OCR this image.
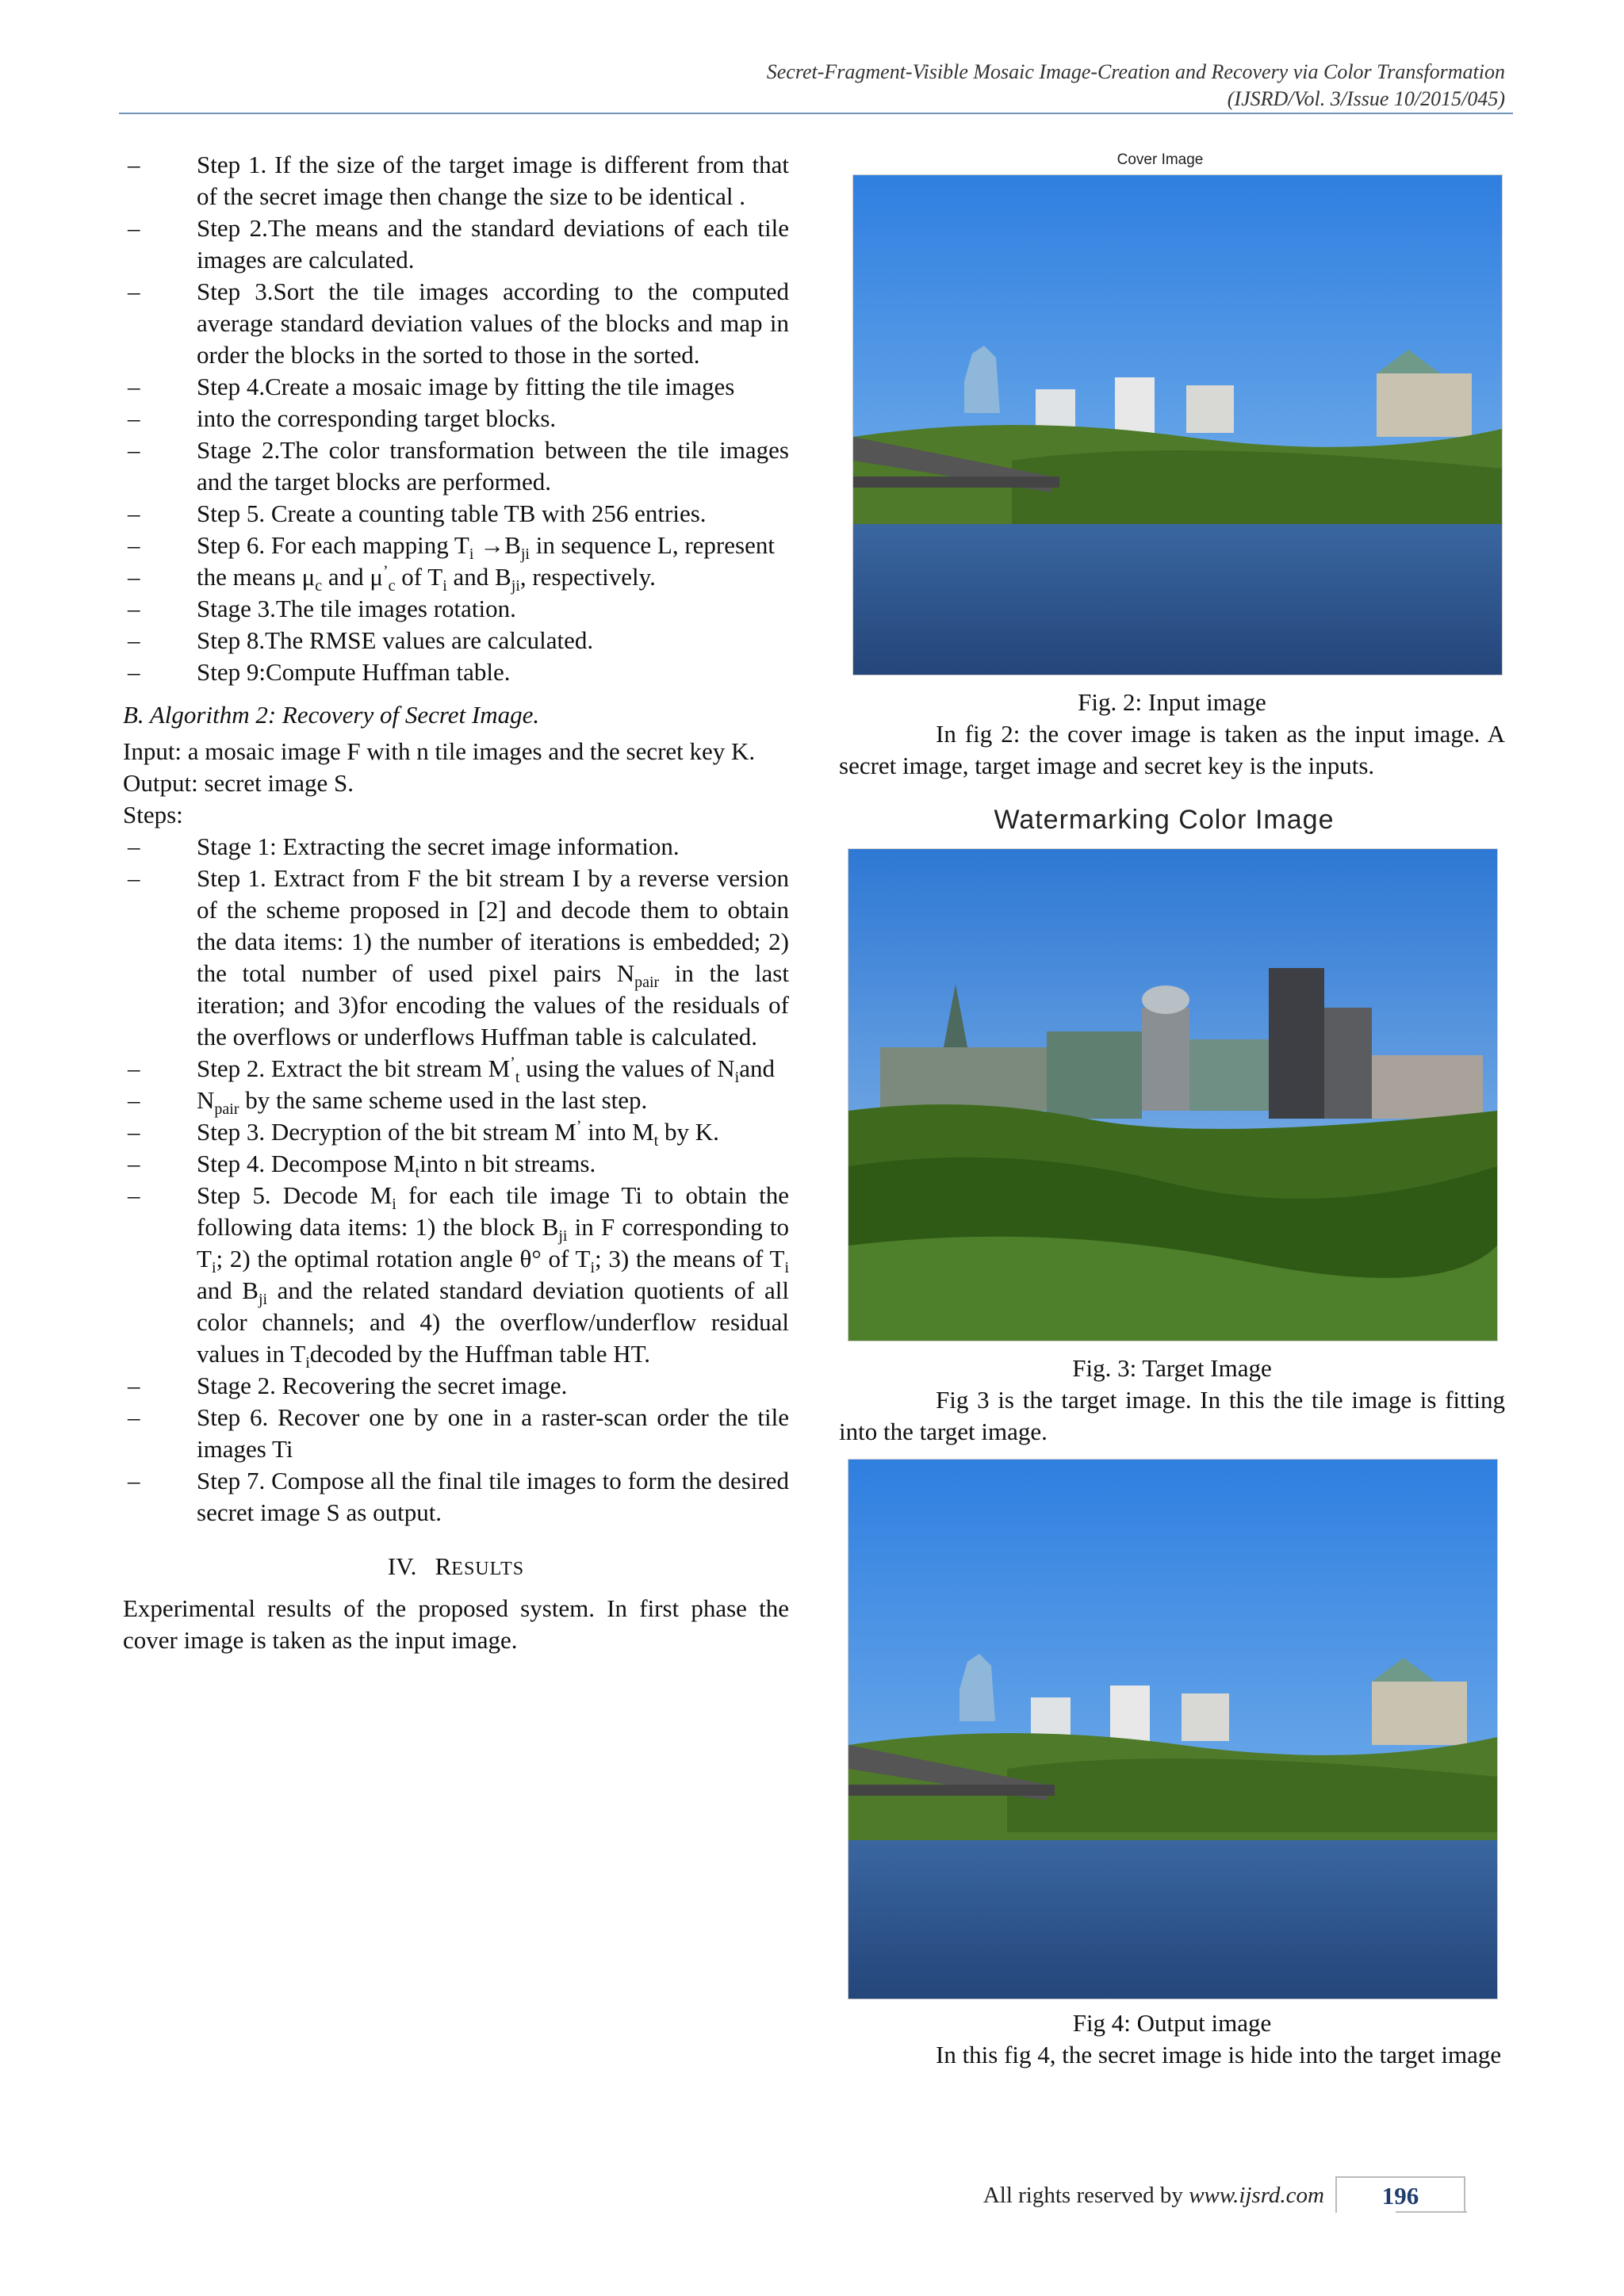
Secret-Fragment-Visible Mosaic Image-Creation and Recovery via Color Transformation
(IJSRD/Vol. 3/Issue 10/2015/045)
– Step 1. If the size of the target image is different from that of the secret image then change the size to be identical .
– Step 2.The means and the standard deviations of each tile images are calculated.
– Step 3.Sort the tile images according to the computed average standard deviation values of the blocks and map in order the blocks in the sorted to those in the sorted.
– Step 4.Create a mosaic image by fitting the tile images
– into the corresponding target blocks.
– Stage 2.The color transformation between the tile images and the target blocks are performed.
– Step 5. Create a counting table TB with 256 entries.
– Step 6. For each mapping $T_i \to B_{ji}$ in sequence L, represent
– the means $\mu_c$ and $\mu^’_c$ of $T_i$ and $B_{ji}$, respectively.
– Stage 3.The tile images rotation.
– Step 8.The RMSE values are calculated.
– Step 9:Compute Huffman table.
B. Algorithm 2: Recovery of Secret Image.
Input: a mosaic image F with n tile images and the secret key K.
Output: secret image S.
Steps:
– Stage 1: Extracting the secret image information.
– Step 1. Extract from F the bit stream I by a reverse version of the scheme proposed in [2] and decode them to obtain the data items: 1) the number of iterations is embedded; 2) the total number of used pixel pairs $N_{pair}$ in the last iteration; and 3)for encoding the values of the residuals of the overflows or underflows Huffman table is calculated.
– Step 2. Extract the bit stream $M^’_t$ using the values of $N_iand$
– $N_{pair}$ by the same scheme used in the last step.
– Step 3. Decryption of the bit stream M’ into $M_t$ by K.
– Step 4. Decompose $M_tinto$ n bit streams.
– Step 5. Decode $M_i$ for each tile image Ti to obtain the following data items: 1) the block $B_{ji}$ in F corresponding to $T_i$; 2) the optimal rotation angle θ° of $T_i$; 3) the means of $T_i$ and $B_{ji}$ and the related standard deviation quotients of all color channels; and 4) the overflow/underflow residual values in $T_idecoded$ by the Huffman table HT.
– Stage 2. Recovering the secret image.
– Step 6. Recover one by one in a raster-scan order the tile images Ti
– Step 7. Compose all the final tile images to form the desired secret image S as output.
IV. RESULTS
Experimental results of the proposed system. In first phase the cover image is taken as the input image.
Cover Image
Fig. 2: Input image
In fig 2: the cover image is taken as the input image. A secret image, target image and secret key is the inputs.
Watermarking Color Image
Fig. 3: Target Image
Fig 3 is the target image. In this the tile image is fitting into the target image.
Fig 4: Output image
In this fig 4, the secret image is hide into the target image
All rights reserved by www.ijsrd.com	196
